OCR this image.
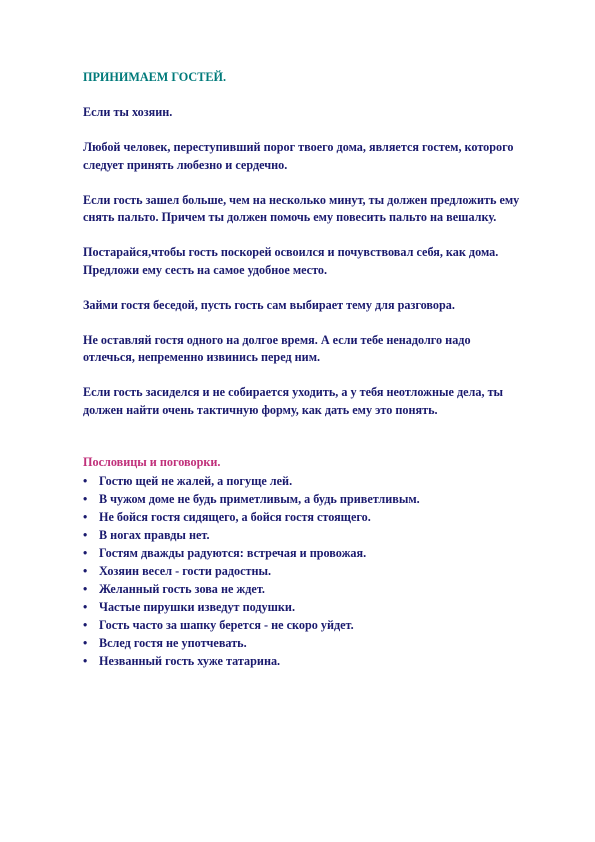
ПРИНИМАЕМ ГОСТЕЙ.
Если ты хозяин.
Любой человек, переступивший порог твоего дома, является гостем, которого следует принять любезно и сердечно.
Если гость зашел больше, чем на несколько минут, ты должен предложить ему снять пальто. Причем ты должен помочь ему повесить пальто на вешалку.
Постарайся,чтобы гость поскорей освоился и почувствовал себя, как дома. Предложи ему сесть на самое удобное место.
Займи гостя беседой, пусть гость сам выбирает тему для разговора.
Не оставляй гостя одного на долгое время. А если тебе ненадолго надо отлечься, непременно извинись перед ним.
Если гость засиделся и не собирается уходить, а у тебя неотложные дела, ты должен найти очень тактичную форму, как дать ему это понять.
Пословицы и поговорки.
• Гостю щей не жалей, а погуще лей.
• В чужом доме не будь приметливым, а будь приветливым.
• Не бойся гостя сидящего, а бойся гостя стоящего.
• В ногах правды нет.
• Гостям дважды радуются: встречая и провожая.
• Хозяин весел - гости радостны.
• Желанный гость зова не ждет.
• Частые пирушки изведут подушки.
• Гость часто за шапку берется - не скоро уйдет.
• Вслед гостя не употчевать.
• Незванный гость хуже татарина.
